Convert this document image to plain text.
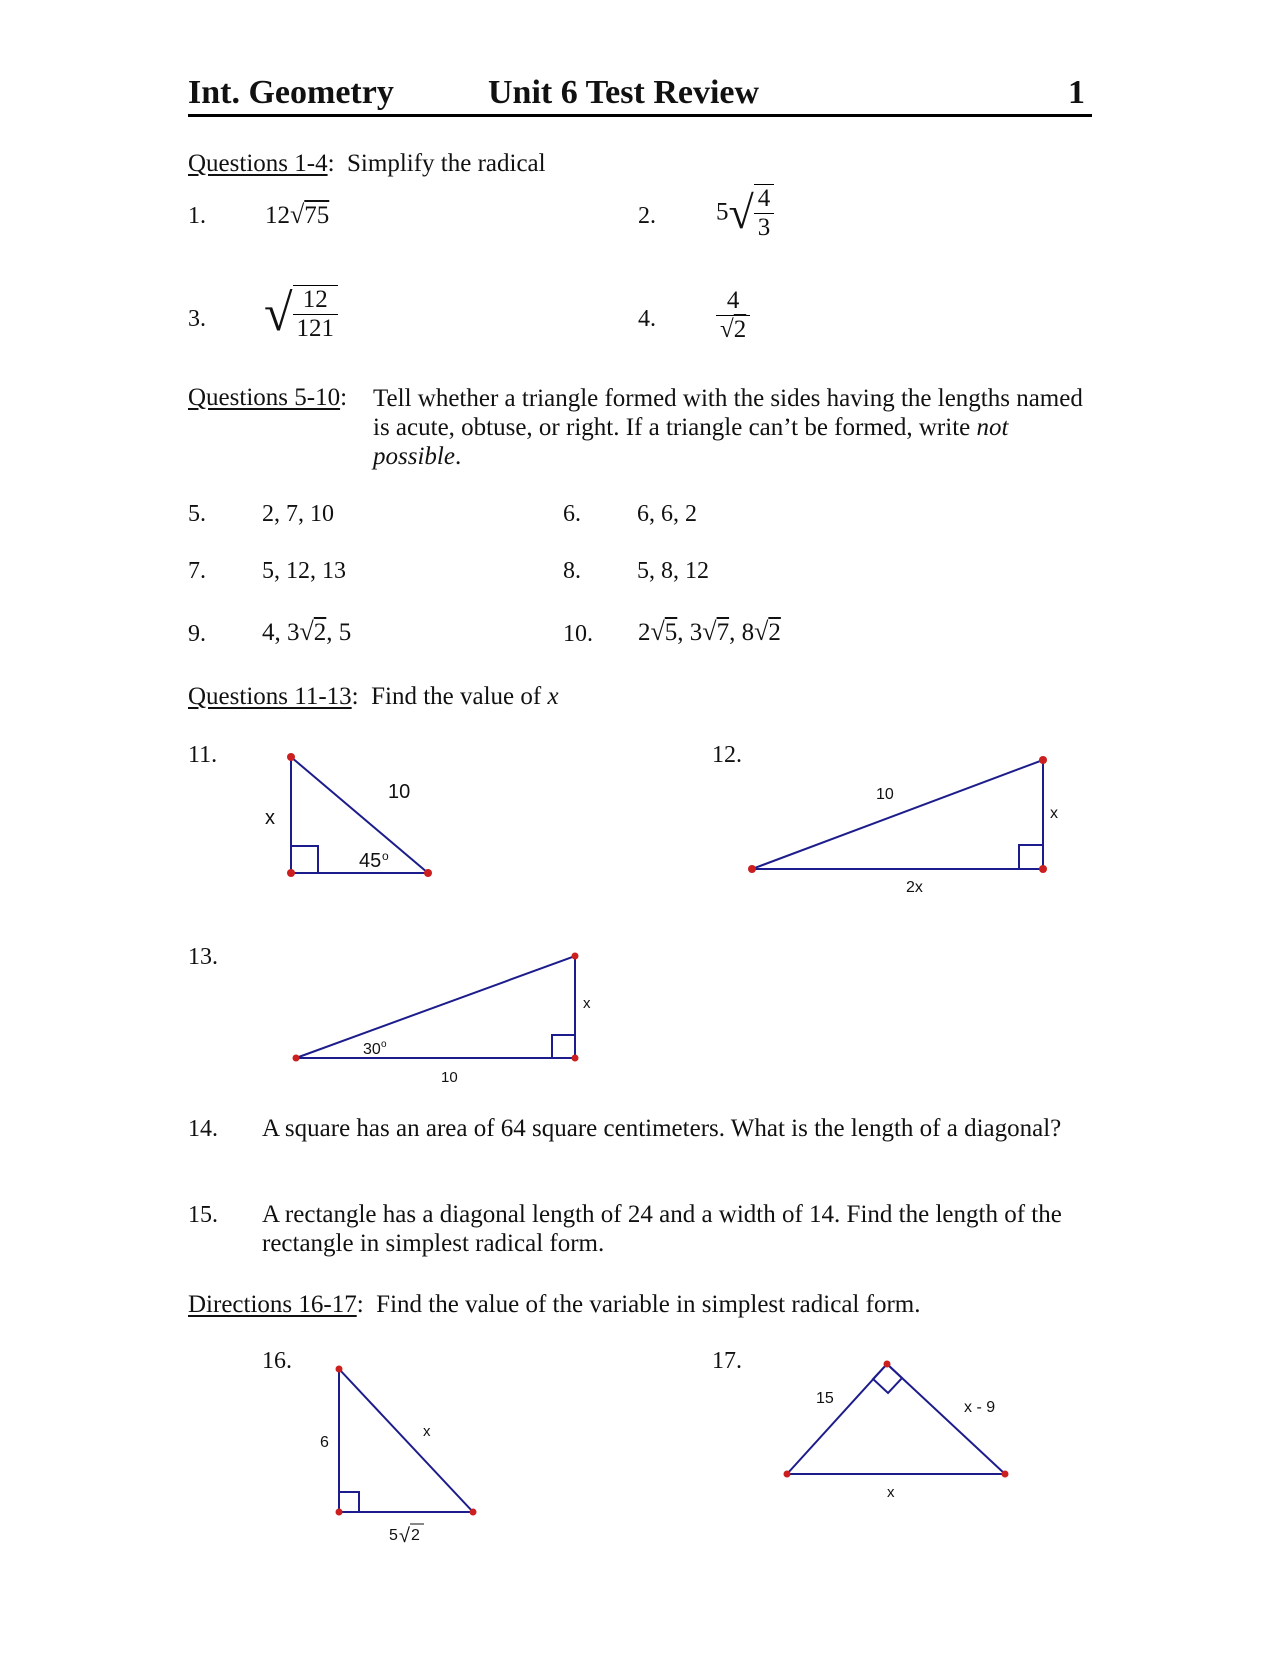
Int. Geometry	Unit 6 Test Review	1
Questions 1-4:  Simplify the radical
1. 12√75	2. $5√ \frac{4}{3}$
3. √ $\frac{12}{121}$	4. $\frac{4}{√2}$
Questions 5-10: Tell whether a triangle formed with the sides having the lengths named is acute, obtuse, or right. If a triangle can’t be formed, write not possible.
5. 2, 7, 10	6. 6, 6, 2
7. 5, 12, 13	8. 5, 8, 12
9. 4, 3√2, 5	10. 2√5, 3√7, 8√2
Questions 11-13:  Find the value of x
11.	12.
13.
10
x
45 o
10
x
2x
x
30 o
10
6
x
5 √ 2
15
x - 9
x
14. A square has an area of 64 square centimeters. What is the length of a diagonal?
15. A rectangle has a diagonal length of 24 and a width of 14. Find the length of the rectangle in simplest radical form.
Directions 16-17:  Find the value of the variable in simplest radical form.
16.	17.
